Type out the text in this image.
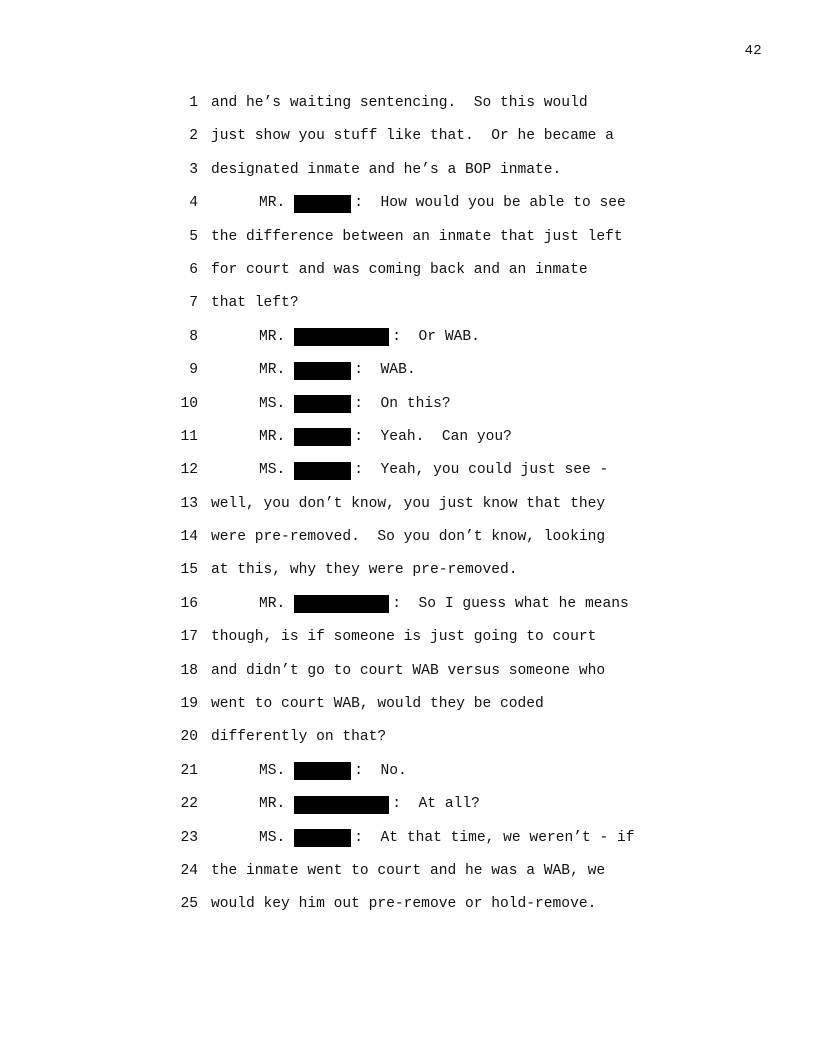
42
1 and he’s waiting sentencing.  So this would
2 just show you stuff like that.  Or he became a
3 designated inmate and he’s a BOP inmate.
4	MR.	:  How would you be able to see
5 the difference between an inmate that just left
6 for court and was coming back and an inmate
7 that left?
8	MR.	:  Or WAB.
9	MR.	:  WAB.
10	MS.	:  On this?
11	MR.	:  Yeah.  Can you?
12	MS.	:  Yeah, you could just see -
13 well, you don’t know, you just know that they
14 were pre-removed.  So you don’t know, looking
15 at this, why they were pre-removed.
16	MR.	:  So I guess what he means
17 though, is if someone is just going to court
18 and didn’t go to court WAB versus someone who
19 went to court WAB, would they be coded
20 differently on that?
21	MS.	:  No.
22	MR.	:  At all?
23	MS.	:  At that time, we weren’t - if
24 the inmate went to court and he was a WAB, we
25 would key him out pre-remove or hold-remove.
